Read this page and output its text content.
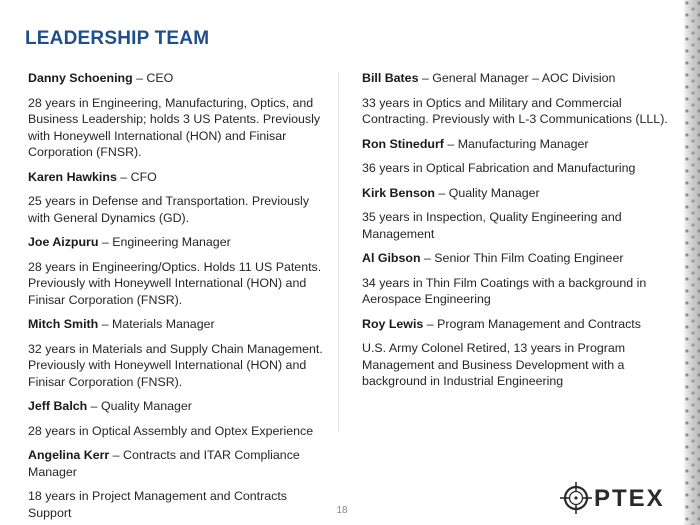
LEADERSHIP TEAM
Danny Schoening – CEO
28 years in Engineering, Manufacturing, Optics, and Business Leadership; holds 3 US Patents. Previously with Honeywell International (HON) and Finisar Corporation (FNSR).
Karen Hawkins – CFO
25 years in Defense and Transportation. Previously with General Dynamics (GD).
Joe Aizpuru – Engineering Manager
28 years in Engineering/Optics. Holds 11 US Patents. Previously with Honeywell International (HON) and Finisar Corporation (FNSR).
Mitch Smith – Materials Manager
32 years in Materials and Supply Chain Management. Previously with Honeywell International (HON) and Finisar Corporation (FNSR).
Jeff Balch – Quality Manager
28 years in Optical Assembly and Optex Experience
Angelina Kerr – Contracts and ITAR Compliance Manager
18 years in Project Management and Contracts Support
Bill Bates – General Manager – AOC Division
33 years in Optics and Military and Commercial Contracting. Previously with L-3 Communications (LLL).
Ron Stinedurf – Manufacturing Manager
36 years in Optical Fabrication and Manufacturing
Kirk Benson – Quality Manager
35 years in Inspection, Quality Engineering and Management
Al Gibson – Senior Thin Film Coating Engineer
34 years in Thin Film Coatings with a background in Aerospace Engineering
Roy Lewis – Program Management and Contracts
U.S. Army Colonel Retired, 13 years in Program Management and Business Development with a background in Industrial Engineering
18	PTEX
